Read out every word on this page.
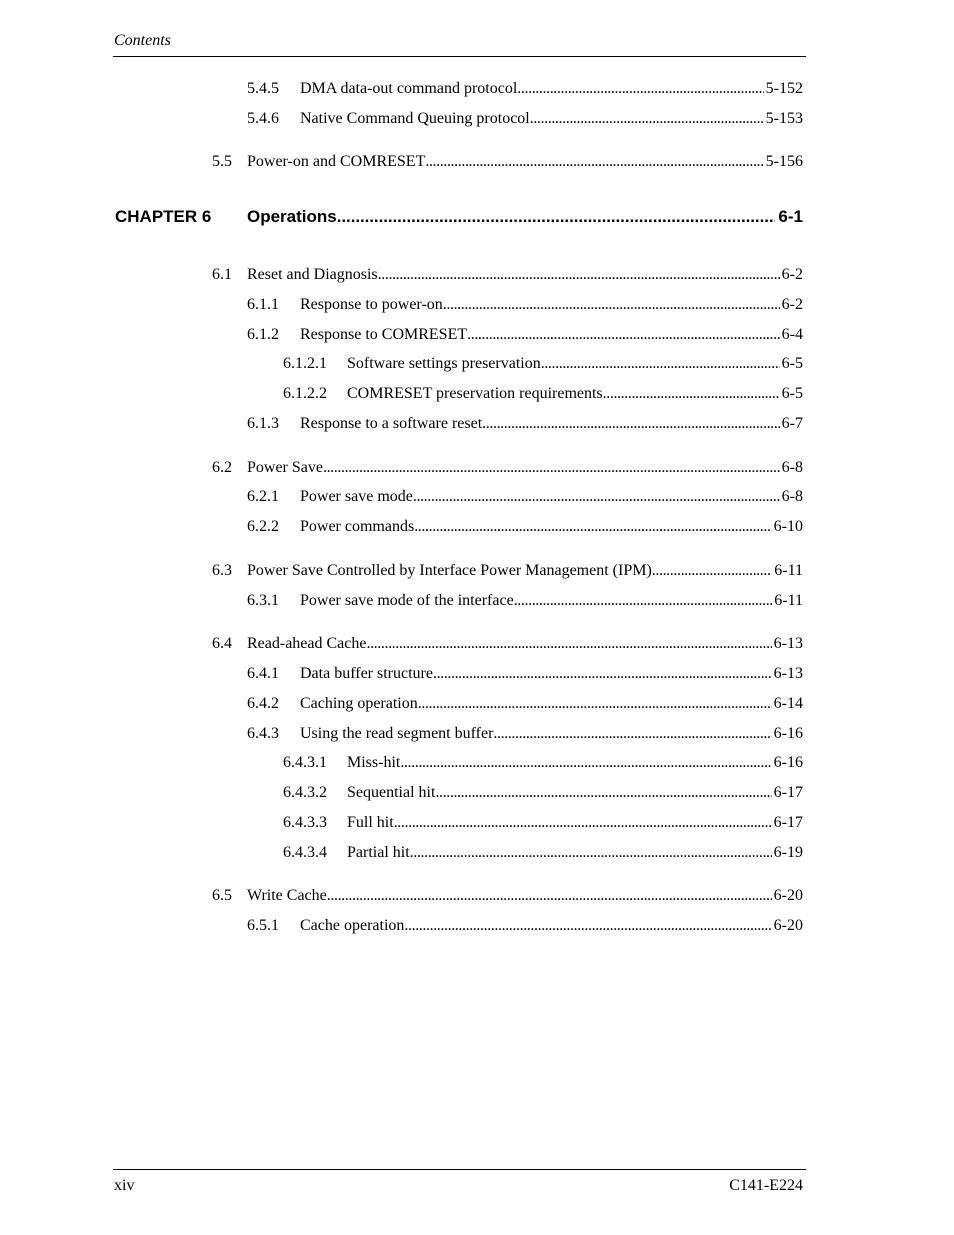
Contents
5.4.5	DMA data-out command protocol . . .	5-152
5.4.6	Native Command Queuing protocol . . .	5-153
5.5 Power-on and COMRESET . . .	5-156
CHAPTER 6	Operations . . .	6-1
6.1 Reset and Diagnosis . . .	6-2
6.1.1	Response to power-on . . .	6-2
6.1.2	Response to COMRESET . . .	6-4
6.1.2.1	Software settings preservation . . .	6-5
6.1.2.2	COMRESET preservation requirements . . .	6-5
6.1.3	Response to a software reset . . .	6-7
6.2 Power Save . . .	6-8
6.2.1	Power save mode . . .	6-8
6.2.2	Power commands . . .	6-10
6.3 Power Save Controlled by Interface Power Management (IPM) . . .	6-11
6.3.1	Power save mode of the interface . . .	6-11
6.4 Read-ahead Cache . . .	6-13
6.4.1	Data buffer structure . . .	6-13
6.4.2	Caching operation . . .	6-14
6.4.3	Using the read segment buffer . . .	6-16
6.4.3.1	Miss-hit . . .	6-16
6.4.3.2	Sequential hit . . .	6-17
6.4.3.3	Full hit . . .	6-17
6.4.3.4	Partial hit . . .	6-19
6.5 Write Cache . . .	6-20
6.5.1	Cache operation . . .	6-20
xiv	C141-E224
